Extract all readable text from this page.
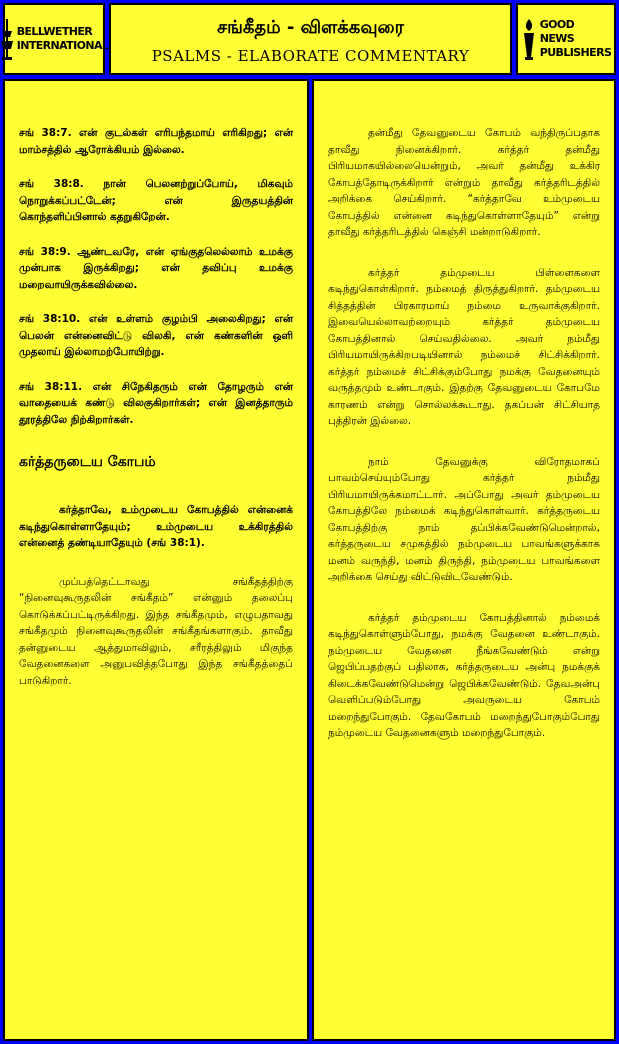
BELLWETHER INTERNATIONAL
சங்கீதம் - விளக்கவுரை
PSALMS - ELABORATE COMMENTARY
GOOD NEWS PUBLISHERS

சங் 38:7. என் குடல்கள் எரிபந்தமாய் எரிகிறது; என் மாம்சத்தில் ஆரோக்கியம் இல்லை.

சங் 38:8. நான் பெலனற்றுப்போய், மிகவும் நொறுக்கப்பட்டேன்; என் இருதயத்தின் கொந்தளிப்பினால் கதறுகிறேன்.

சங் 38:9. ஆண்டவரே, என் ஏங்குதலெல்லாம் உமக்கு முன்பாக இருக்கிறது; என் தவிப்பு உமக்கு மறைவாயிருக்கவில்லை.

சங் 38:10. என் உள்ளம் குழம்பி அலைகிறது; என் பெலன் என்னைவிட்டு விலகி, என் கண்களின் ஒளி முதலாய் இல்லாமற்போயிற்று.

சங் 38:11. என் சிநேகிதரும் என் தோழரும் என் வாதையைக் கண்டு விலகுகிறார்கள்; என் இனத்தாரும் தூரத்திலே நிற்கிறார்கள்.

கர்த்தருடைய கோபம்

கர்த்தாவே, உம்முடைய கோபத்தில் என்னைக் கடிந்துகொள்ளாதேயும்; உம்முடைய உக்கிரத்தில் என்னைத் தண்டியாதேயும் (சங் 38:1).

முப்பத்தெட்டாவது சங்கீதத்திற்கு “நினைவுகூருதலின் சங்கீதம்” என்னும் தலைப்பு கொடுக்கப்பட்டிருக்கிறது. இந்த சங்கீதமும், எழுபதாவது சங்கீதமும் நினைவுகூருதலின் சங்கீதங்களாகும். தாவீது தன்னுடைய ஆத்துமாவிலும், சரீரத்திலும் மிகுந்த வேதனைகளை அனுபவித்தபோது இந்த சங்கீதத்தைப் பாடுகிறார்.

தன்மீது தேவனுடைய கோபம் வந்திருப்பதாக தாவீது நினைக்கிறார். கர்த்தர் தன்மீது பிரியமாகயில்லையென்றும், அவர் தன்மீது உக்கிர கோபத்தோடிருக்கிறார் என்றும் தாவீது கர்த்தரிடத்தில் அறிக்கை செய்கிறார். “கர்த்தாவே உம்முடைய கோபத்தில் என்னை கடிந்துகொள்ளாதேயும்” என்று தாவீது கர்த்தரிடத்தில் கெஞ்சி மன்றாடுகிறார்.

கர்த்தர் தம்முடைய பிள்ளைகளை கடிந்துகொள்கிறார். நம்மைத் திருத்துகிறார். தம்முடைய சித்தத்தின் பிரகாரமாய் நம்மை உருவாக்குகிறார். இவையெல்லாவற்றையும் கர்த்தர் தம்முடைய கோபத்தினால் செய்வதில்லை. அவர் நம்மீது பிரியமாயிருக்கிறபடியினால் நம்மைச் சிட்சிக்கிறார். கர்த்தர் நம்மைச் சிட்சிக்கும்போது நமக்கு வேதனையும் வருத்தமும் உண்டாகும். இதற்கு தேவனுடைய கோபமே காரணம் என்று சொல்லக்கூடாது. தகப்பன் சிட்சியாத புத்திரன் இல்லை.

நாம் தேவனுக்கு விரோதமாகப் பாவம்செய்யும்போது கர்த்தர் நம்மீது பிரியமாயிருக்கமாட்டார். அப்போது அவர் தம்முடைய கோபத்திலே நம்மைக் கடிந்துகொள்வார். கர்த்தருடைய கோபத்திற்கு நாம் தப்பிக்கவேண்டுமென்றால், கர்த்தருடைய சமுகத்தில் நம்முடைய பாவங்களுக்காக மனம் வருந்தி, மனம் திருந்தி, நம்முடைய பாவங்களை அறிக்கை செய்து விட்டுவிடவேண்டும்.

கர்த்தர் தம்முடைய கோபத்தினால் நம்மைக் கடிந்துகொள்ளும்போது, நமக்கு வேதனை உண்டாகும். நம்முடைய வேதனை நீங்கவேண்டும் என்று ஜெபிப்பதற்குப் பதிலாக, கர்த்தருடைய அன்பு நமக்குக் கிடைக்கவேண்டுமென்று ஜெபிக்கவேண்டும். தேவஅன்பு வெளிப்படும்போது அவருடைய கோபம் மறைந்துபோகும். தேவகோபம் மறைந்துபோகும்போது நம்முடைய வேதனைகளும் மறைந்துபோகும்.
